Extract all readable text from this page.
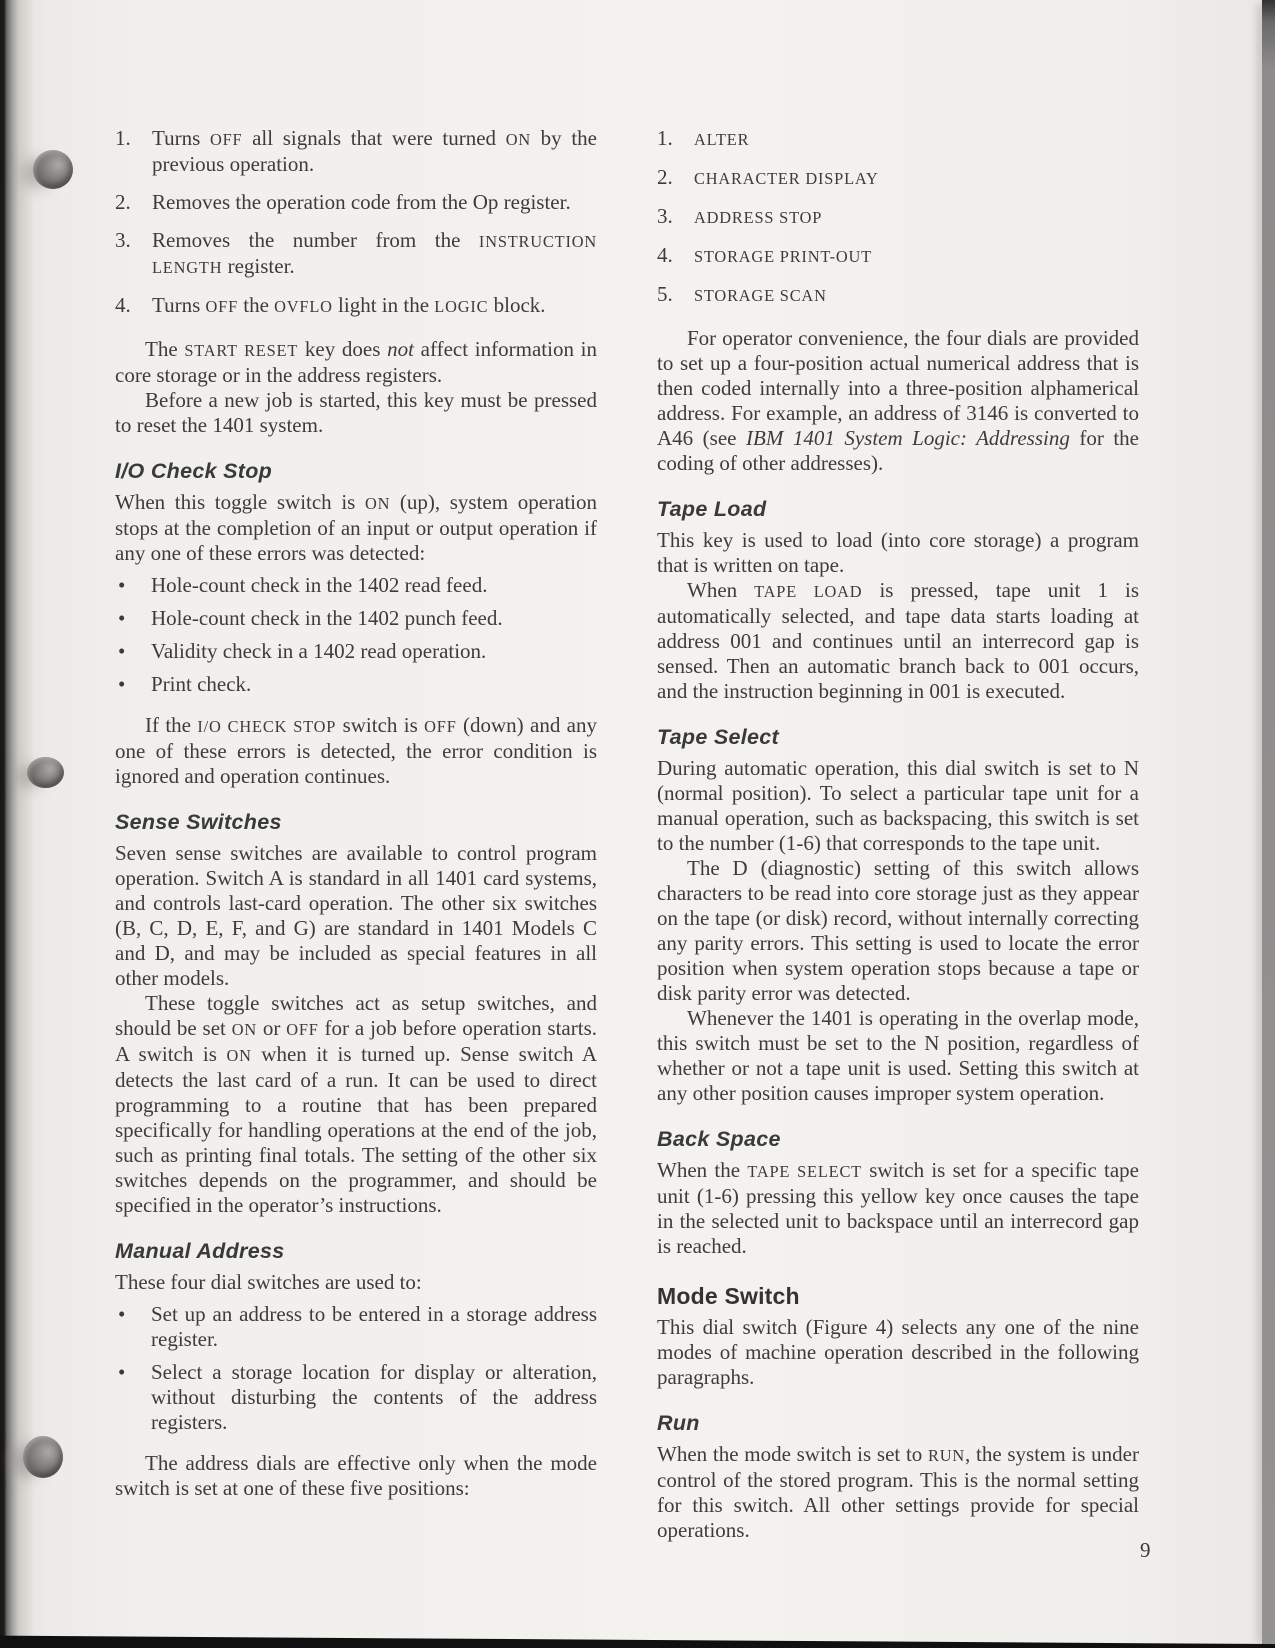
1.	Turns OFF all signals that were turned ON by the previous operation.
2.	Removes the operation code from the Op register.
3.	Removes the number from the INSTRUCTION LENGTH register.
4.	Turns OFF the OVFLO light in the LOGIC block.

The START RESET key does not affect information in core storage or in the address registers.

Before a new job is started, this key must be pressed to reset the 1401 system.

I/O Check Stop

When this toggle switch is ON (up), system operation stops at the completion of an input or output operation if any one of these errors was detected:

•	Hole-count check in the 1402 read feed.
•	Hole-count check in the 1402 punch feed.
•	Validity check in a 1402 read operation.
•	Print check.

If the I/O CHECK STOP switch is OFF (down) and any one of these errors is detected, the error condition is ignored and operation continues.

Sense Switches

Seven sense switches are available to control program operation. Switch A is standard in all 1401 card systems, and controls last-card operation. The other six switches (B, C, D, E, F, and G) are standard in 1401 Models C and D, and may be included as special features in all other models.

These toggle switches act as setup switches, and should be set ON or OFF for a job before operation starts. A switch is ON when it is turned up. Sense switch A detects the last card of a run. It can be used to direct programming to a routine that has been prepared specifically for handling operations at the end of the job, such as printing final totals. The setting of the other six switches depends on the programmer, and should be specified in the operator’s instructions.

Manual Address

These four dial switches are used to:

•	Set up an address to be entered in a storage address register.
•	Select a storage location for display or alteration, without disturbing the contents of the address registers.

The address dials are effective only when the mode switch is set at one of these five positions:

1.	ALTER
2.	CHARACTER DISPLAY
3.	ADDRESS STOP
4.	STORAGE PRINT-OUT
5.	STORAGE SCAN

For operator convenience, the four dials are provided to set up a four-position actual numerical address that is then coded internally into a three-position alphamerical address. For example, an address of 3146 is converted to A46 (see IBM 1401 System Logic: Addressing for the coding of other addresses).

Tape Load

This key is used to load (into core storage) a program that is written on tape.

When TAPE LOAD is pressed, tape unit 1 is automatically selected, and tape data starts loading at address 001 and continues until an interrecord gap is sensed. Then an automatic branch back to 001 occurs, and the instruction beginning in 001 is executed.

Tape Select

During automatic operation, this dial switch is set to N (normal position). To select a particular tape unit for a manual operation, such as backspacing, this switch is set to the number (1-6) that corresponds to the tape unit.

The D (diagnostic) setting of this switch allows characters to be read into core storage just as they appear on the tape (or disk) record, without internally correcting any parity errors. This setting is used to locate the error position when system operation stops because a tape or disk parity error was detected.

Whenever the 1401 is operating in the overlap mode, this switch must be set to the N position, regardless of whether or not a tape unit is used. Setting this switch at any other position causes improper system operation.

Back Space

When the TAPE SELECT switch is set for a specific tape unit (1-6) pressing this yellow key once causes the tape in the selected unit to backspace until an interrecord gap is reached.

Mode Switch

This dial switch (Figure 4) selects any one of the nine modes of machine operation described in the following paragraphs.

Run

When the mode switch is set to RUN, the system is under control of the stored program. This is the normal setting for this switch. All other settings provide for special operations.

9
